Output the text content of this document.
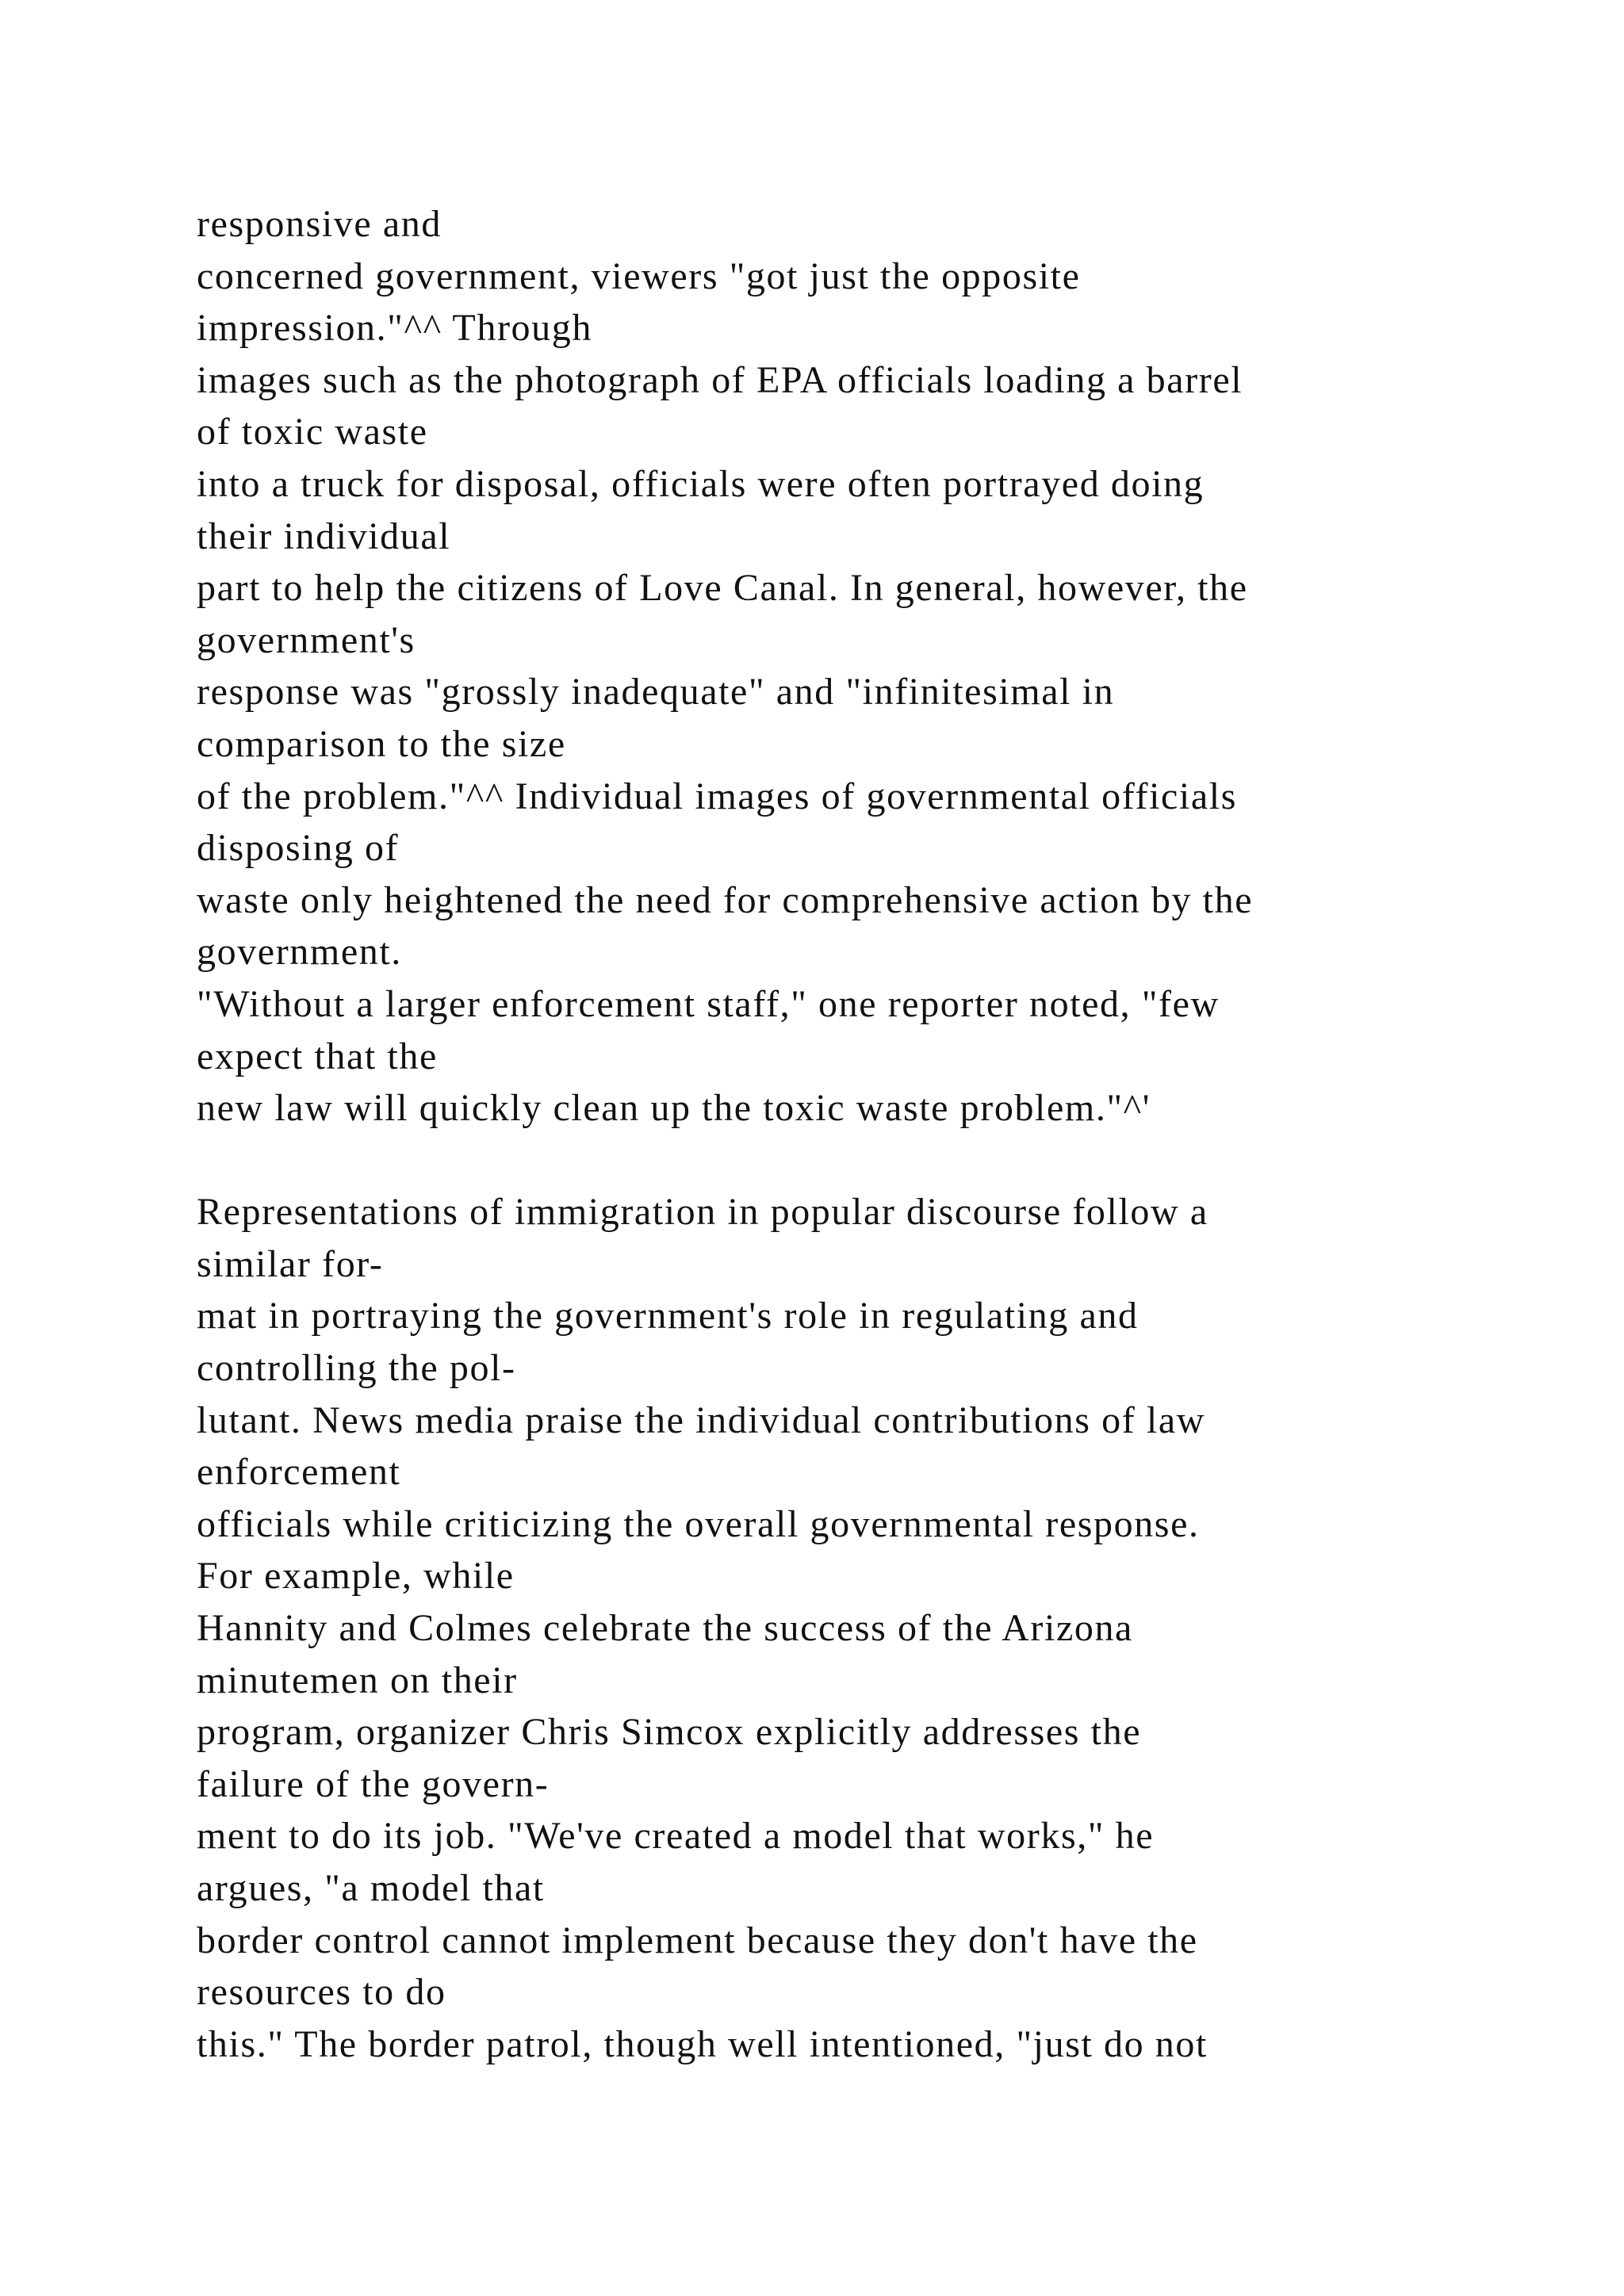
responsive and
concerned government, viewers "got just the opposite
impression."^^ Through
images such as the photograph of EPA officials loading a barrel
of toxic waste
into a truck for disposal, officials were often portrayed doing
their individual
part to help the citizens of Love Canal. In general, however, the
government's
response was "grossly inadequate" and "infinitesimal in
comparison to the size
of the problem."^^ Individual images of governmental officials
disposing of
waste only heightened the need for comprehensive action by the
government.
"Without a larger enforcement staff," one reporter noted, "few
expect that the
new law will quickly clean up the toxic waste problem."^'
Representations of immigration in popular discourse follow a
similar for-
mat in portraying the government's role in regulating and
controlling the pol-
lutant. News media praise the individual contributions of law
enforcement
officials while criticizing the overall governmental response.
For example, while
Hannity and Colmes celebrate the success of the Arizona
minutemen on their
program, organizer Chris Simcox explicitly addresses the
failure of the govern-
ment to do its job. "We've created a model that works," he
argues, "a model that
border control cannot implement because they don't have the
resources to do
this." The border patrol, though well intentioned, "just do not
